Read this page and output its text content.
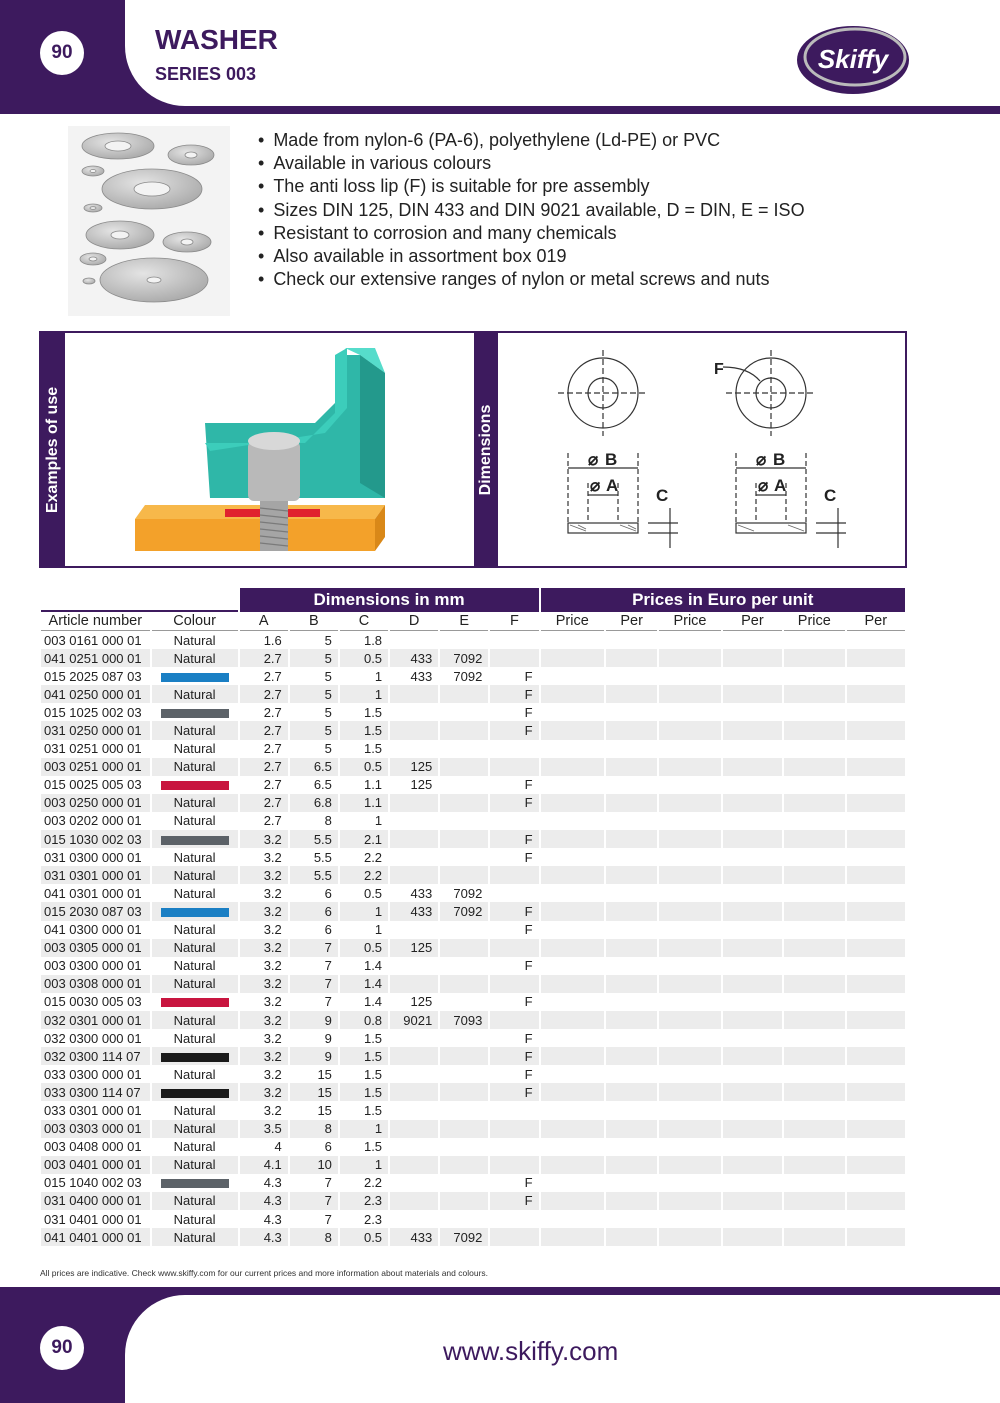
90	WASHER
SERIES 003	Skiffy
• Made from nylon-6 (PA-6), polyethylene (Ld-PE) or PVC
• Available in various colours
• The anti loss lip (F) is suitable for pre assembly
• Sizes DIN 125, DIN 433 and DIN 9021 available, D = DIN, E = ISO
• Resistant to corrosion and many chemicals
• Also available in assortment box 019
• Check our extensive ranges of nylon or metal screws and nuts
Examples of use	Dimensions
F
⌀ B
⌀ A
C
⌀ B
⌀ A
C
		Dimensions in mm						Prices in Euro per unit					
Article number	Colour	A	B	C	D	E	F	Price	Per	Price	Per	Price	Per
003 0161 000 01	Natural	1.6	5	1.8									
041 0251 000 01	Natural	2.7	5	0.5	433	7092							
015 2025 087 03		2.7	5	1	433	7092	F						
041 0250 000 01	Natural	2.7	5	1			F						
015 1025 002 03		2.7	5	1.5			F						
031 0250 000 01	Natural	2.7	5	1.5			F						
031 0251 000 01	Natural	2.7	5	1.5									
003 0251 000 01	Natural	2.7	6.5	0.5	125								
015 0025 005 03		2.7	6.5	1.1	125		F						
003 0250 000 01	Natural	2.7	6.8	1.1			F						
003 0202 000 01	Natural	2.7	8	1									
015 1030 002 03		3.2	5.5	2.1			F						
031 0300 000 01	Natural	3.2	5.5	2.2			F						
031 0301 000 01	Natural	3.2	5.5	2.2									
041 0301 000 01	Natural	3.2	6	0.5	433	7092							
015 2030 087 03		3.2	6	1	433	7092	F						
041 0300 000 01	Natural	3.2	6	1			F						
003 0305 000 01	Natural	3.2	7	0.5	125								
003 0300 000 01	Natural	3.2	7	1.4			F						
003 0308 000 01	Natural	3.2	7	1.4									
015 0030 005 03		3.2	7	1.4	125		F						
032 0301 000 01	Natural	3.2	9	0.8	9021	7093							
032 0300 000 01	Natural	3.2	9	1.5			F						
032 0300 114 07		3.2	9	1.5			F						
033 0300 000 01	Natural	3.2	15	1.5			F						
033 0300 114 07		3.2	15	1.5			F						
033 0301 000 01	Natural	3.2	15	1.5									
003 0303 000 01	Natural	3.5	8	1									
003 0408 000 01	Natural	4	6	1.5									
003 0401 000 01	Natural	4.1	10	1									
015 1040 002 03		4.3	7	2.2			F						
031 0400 000 01	Natural	4.3	7	2.3			F						
031 0401 000 01	Natural	4.3	7	2.3									
041 0401 000 01	Natural	4.3	8	0.5	433	7092							
All prices are indicative. Check www.skiffy.com for our current prices and more information about materials and colours.
90	www.skiffy.com
